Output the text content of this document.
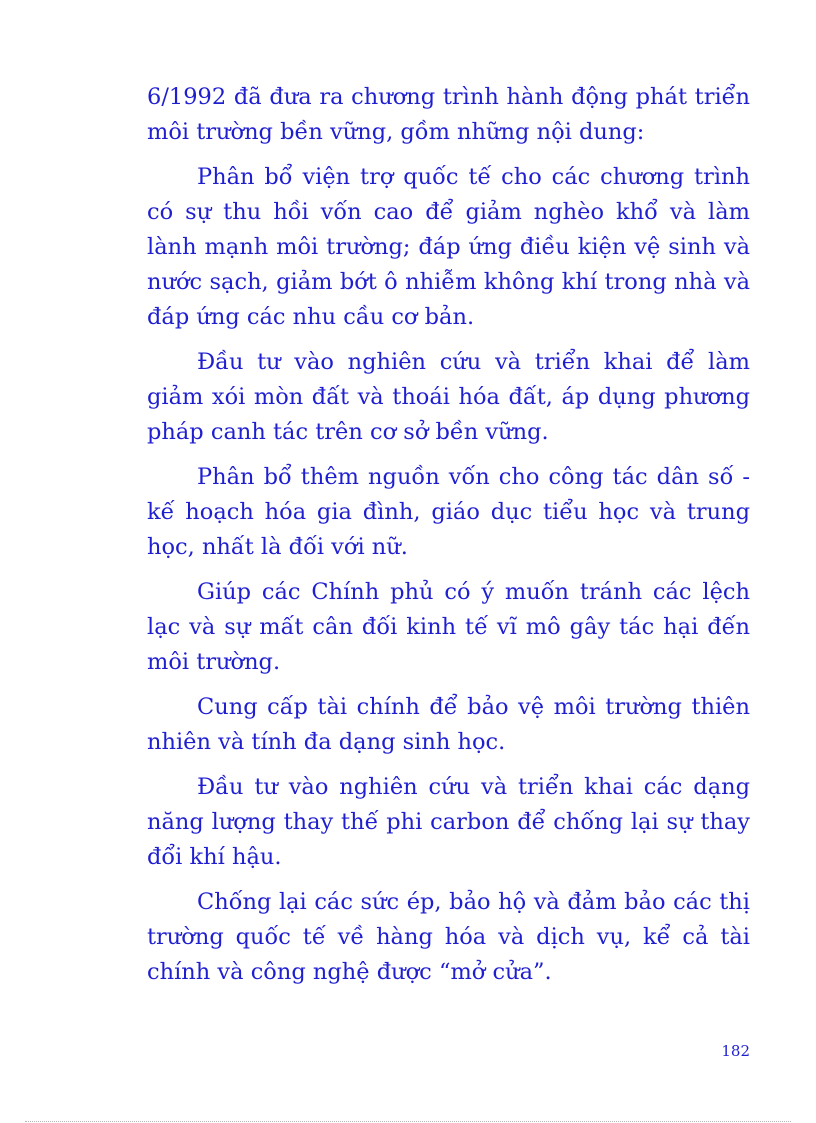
6/1992 đã đưa ra chương trình hành động phát triển môi trường bền vững, gồm những nội dung:

Phân bổ viện trợ quốc tế cho các chương trình có sự thu hồi vốn cao để giảm nghèo khổ và làm lành mạnh môi trường; đáp ứng điều kiện vệ sinh và nước sạch, giảm bớt ô nhiễm không khí trong nhà và đáp ứng các nhu cầu cơ bản.

Đầu tư vào nghiên cứu và triển khai để làm giảm xói mòn đất và thoái hóa đất, áp dụng phương pháp canh tác trên cơ sở bền vững.

Phân bổ thêm nguồn vốn cho công tác dân số - kế hoạch hóa gia đình, giáo dục tiểu học và trung học, nhất là đối với nữ.

Giúp các Chính phủ có ý muốn tránh các lệch lạc và sự mất cân đối kinh tế vĩ mô gây tác hại đến môi trường.

Cung cấp tài chính để bảo vệ môi trường thiên nhiên và tính đa dạng sinh học.

Đầu tư vào nghiên cứu và triển khai các dạng năng lượng thay thế phi carbon để chống lại sự thay đổi khí hậu.

Chống lại các sức ép, bảo hộ và đảm bảo các thị trường quốc tế về hàng hóa và dịch vụ, kể cả tài chính và công nghệ được “mở cửa”.

182
